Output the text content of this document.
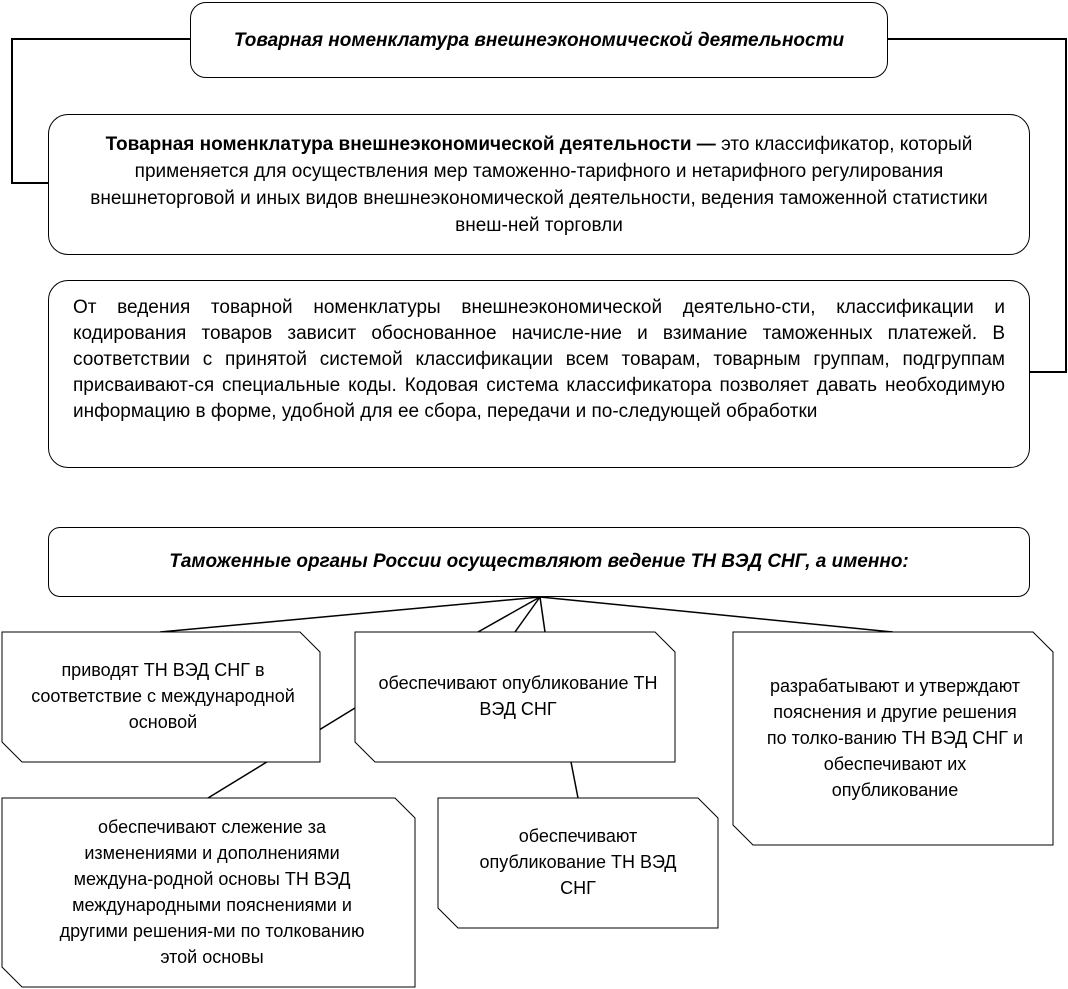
Товарная номенклатура внешнеэкономической деятельности
Товарная номенклатура внешнеэкономической деятельности — это классификатор, который применяется для осуществления мер таможенно-тарифного и нетарифного регулирования внешнеторговой и иных видов внешнеэкономической деятельности, ведения таможенной статистики внеш-ней торговли
От ведения товарной номенклатуры внешнеэкономической деятельно-сти, классификации и кодирования товаров зависит обоснованное начисле-ние и взимание таможенных платежей. В соответствии с принятой системой классификации всем товарам, товарным группам, подгруппам присваивают-ся специальные коды. Кодовая система классификатора позволяет давать необходимую информацию в форме, удобной для ее сбора, передачи и по-следующей обработки
Таможенные органы России осуществляют ведение ТН ВЭД СНГ, а именно:
приводят ТН ВЭД СНГ в соответствие с международной основой
обеспечивают опубликование ТН ВЭД СНГ
разрабатывают и утверждают пояснения и другие решения по толко-ванию ТН ВЭД СНГ и обеспечивают их опубликование
обеспечивают слежение за изменениями и дополнениями междуна-родной основы ТН ВЭД международными пояснениями и другими решения-ми по толкованию этой основы
обеспечивают опубликование ТН ВЭД СНГ
